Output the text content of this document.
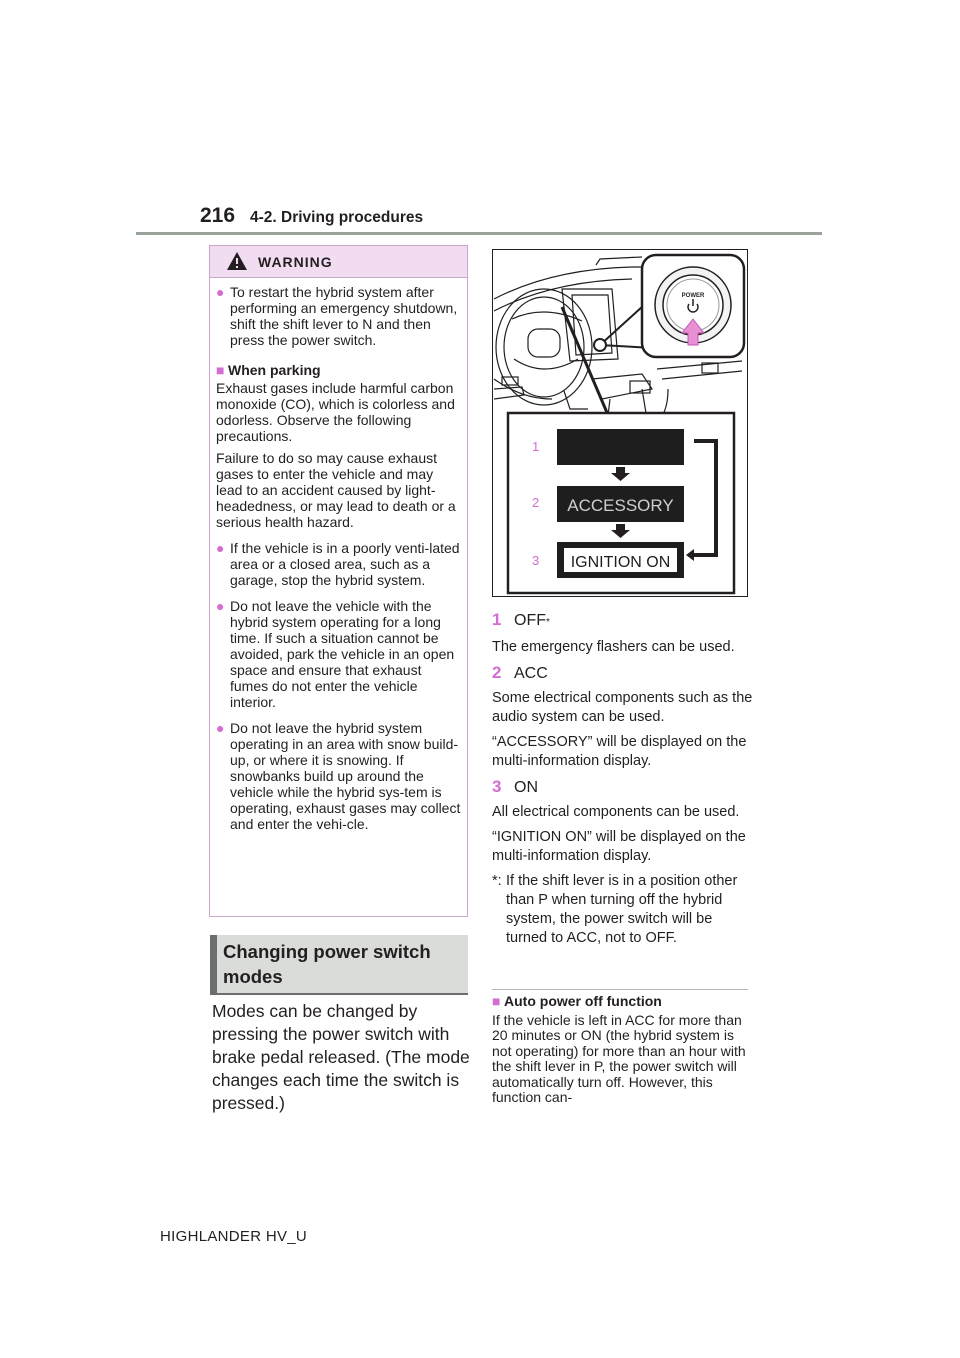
216 4-2. Driving procedures
WARNING
● To restart the hybrid system after performing an emergency shutdown, shift the shift lever to N and then press the power switch.
■ When parking
Exhaust gases include harmful carbon monoxide (CO), which is colorless and odorless. Observe the following precautions.
Failure to do so may cause exhaust gases to enter the vehicle and may lead to an accident caused by light-headedness, or may lead to death or a serious health hazard.
● If the vehicle is in a poorly venti-lated area or a closed area, such as a garage, stop the hybrid system.
● Do not leave the vehicle with the hybrid system operating for a long time. If such a situation cannot be avoided, park the vehicle in an open space and ensure that exhaust fumes do not enter the vehicle interior.
● Do not leave the hybrid system operating in an area with snow build-up, or where it is snowing. If snowbanks build up around the vehicle while the hybrid sys-tem is operating, exhaust gases may collect and enter the vehi-cle.
Changing power switch modes
Modes can be changed by pressing the power switch with brake pedal released. (The mode changes each time the switch is pressed.)
POWER
1
2
3
ACCESSORY
IGNITION ON
1 OFF *
The emergency flashers can be used.
2 ACC
Some electrical components such as the audio system can be used.
“ACCESSORY” will be displayed on the multi-information display.
3 ON
All electrical components can be used.
“IGNITION ON” will be displayed on the multi-information display.
*: If the shift lever is in a position other than P when turning off the hybrid system, the power switch will be turned to ACC, not to OFF.
■ Auto power off function
If the vehicle is left in ACC for more than 20 minutes or ON (the hybrid system is not operating) for more than an hour with the shift lever in P, the power switch will automatically turn off. However, this function can-
HIGHLANDER HV_U
